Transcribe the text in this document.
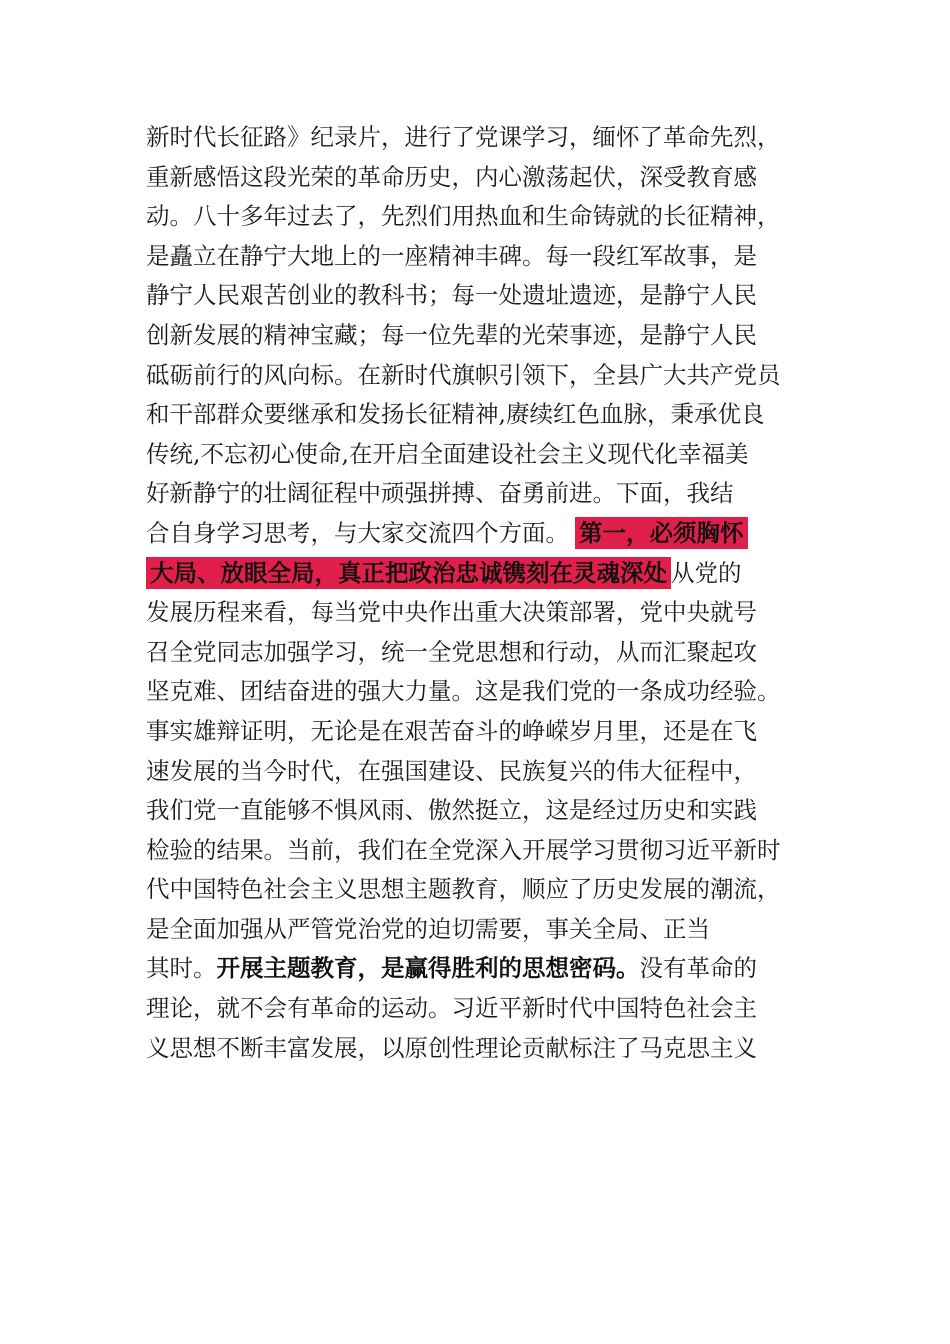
新时代长征路》纪录片，进行了党课学习，缅怀了革命先烈，
重新感悟这段光荣的革命历史，内心激荡起伏，深受教育感
动。八十多年过去了，先烈们用热血和生命铸就的长征精神，
是矗立在静宁大地上的一座精神丰碑。每一段红军故事，是
静宁人民艰苦创业的教科书；每一处遗址遗迹，是静宁人民
创新发展的精神宝藏；每一位先辈的光荣事迹，是静宁人民
砥砺前行的风向标。在新时代旗帜引领下，全县广大共产党员
和干部群众要继承和发扬长征精神,赓续红色血脉，秉承优良
传统,不忘初心使命,在开启全面建设社会主义现代化幸福美
好新静宁的壮阔征程中顽强拼搏、奋勇前进。下面，我结
合自身学习思考，与大家交流四个方面。 第一，必须胸怀
大局、放眼全局，真正把政治忠诚镌刻在灵魂深处 从党的
发展历程来看，每当党中央作出重大决策部署，党中央就号
召全党同志加强学习，统一全党思想和行动，从而汇聚起攻
坚克难、团结奋进的强大力量。这是我们党的一条成功经验。
事实雄辩证明，无论是在艰苦奋斗的峥嵘岁月里，还是在飞
速发展的当今时代，在强国建设、民族复兴的伟大征程中，
我们党一直能够不惧风雨、傲然挺立，这是经过历史和实践
检验的结果。当前，我们在全党深入开展学习贯彻习近平新时
代中国特色社会主义思想主题教育，顺应了历史发展的潮流，
是全面加强从严管党治党的迫切需要，事关全局、正当
其时。开展主题教育，是赢得胜利的思想密码。没有革命的
理论，就不会有革命的运动。习近平新时代中国特色社会主
义思想不断丰富发展，以原创性理论贡献标注了马克思主义
